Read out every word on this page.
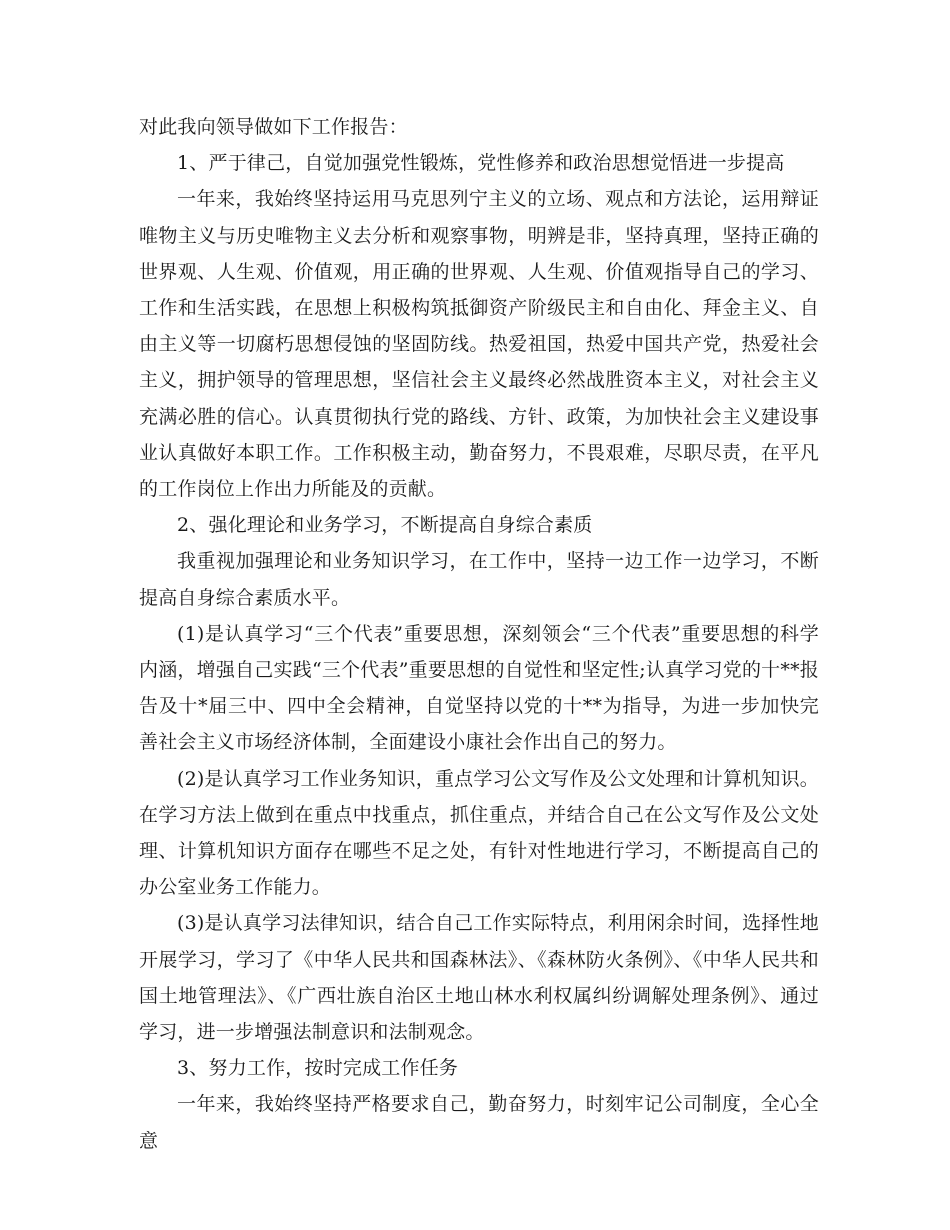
对此我向领导做如下工作报告：

1、严于律己，自觉加强党性锻炼，党性修养和政治思想觉悟进一步提高

一年来，我始终坚持运用马克思列宁主义的立场、观点和方法论，运用辩证唯物主义与历史唯物主义去分析和观察事物，明辨是非，坚持真理，坚持正确的世界观、人生观、价值观，用正确的世界观、人生观、价值观指导自己的学习、工作和生活实践，在思想上积极构筑抵御资产阶级民主和自由化、拜金主义、自由主义等一切腐朽思想侵蚀的坚固防线。热爱祖国，热爱中国共产党，热爱社会主义，拥护领导的管理思想，坚信社会主义最终必然战胜资本主义，对社会主义充满必胜的信心。认真贯彻执行党的路线、方针、政策，为加快社会主义建设事业认真做好本职工作。工作积极主动，勤奋努力，不畏艰难，尽职尽责，在平凡的工作岗位上作出力所能及的贡献。

2、强化理论和业务学习，不断提高自身综合素质

我重视加强理论和业务知识学习，在工作中，坚持一边工作一边学习，不断提高自身综合素质水平。

(1)是认真学习“三个代表”重要思想，深刻领会“三个代表”重要思想的科学内涵，增强自己实践“三个代表”重要思想的自觉性和坚定性;认真学习党的十**报告及十*届三中、四中全会精神，自觉坚持以党的十**为指导，为进一步加快完善社会主义市场经济体制，全面建设小康社会作出自己的努力。

(2)是认真学习工作业务知识，重点学习公文写作及公文处理和计算机知识。在学习方法上做到在重点中找重点，抓住重点，并结合自己在公文写作及公文处理、计算机知识方面存在哪些不足之处，有针对性地进行学习，不断提高自己的办公室业务工作能力。

(3)是认真学习法律知识，结合自己工作实际特点，利用闲余时间，选择性地开展学习，学习了《中华人民共和国森林法》、《森林防火条例》、《中华人民共和国土地管理法》、《广西壮族自治区土地山林水利权属纠纷调解处理条例》、通过学习，进一步增强法制意识和法制观念。

3、努力工作，按时完成工作任务

一年来，我始终坚持严格要求自己，勤奋努力，时刻牢记公司制度，全心全意
